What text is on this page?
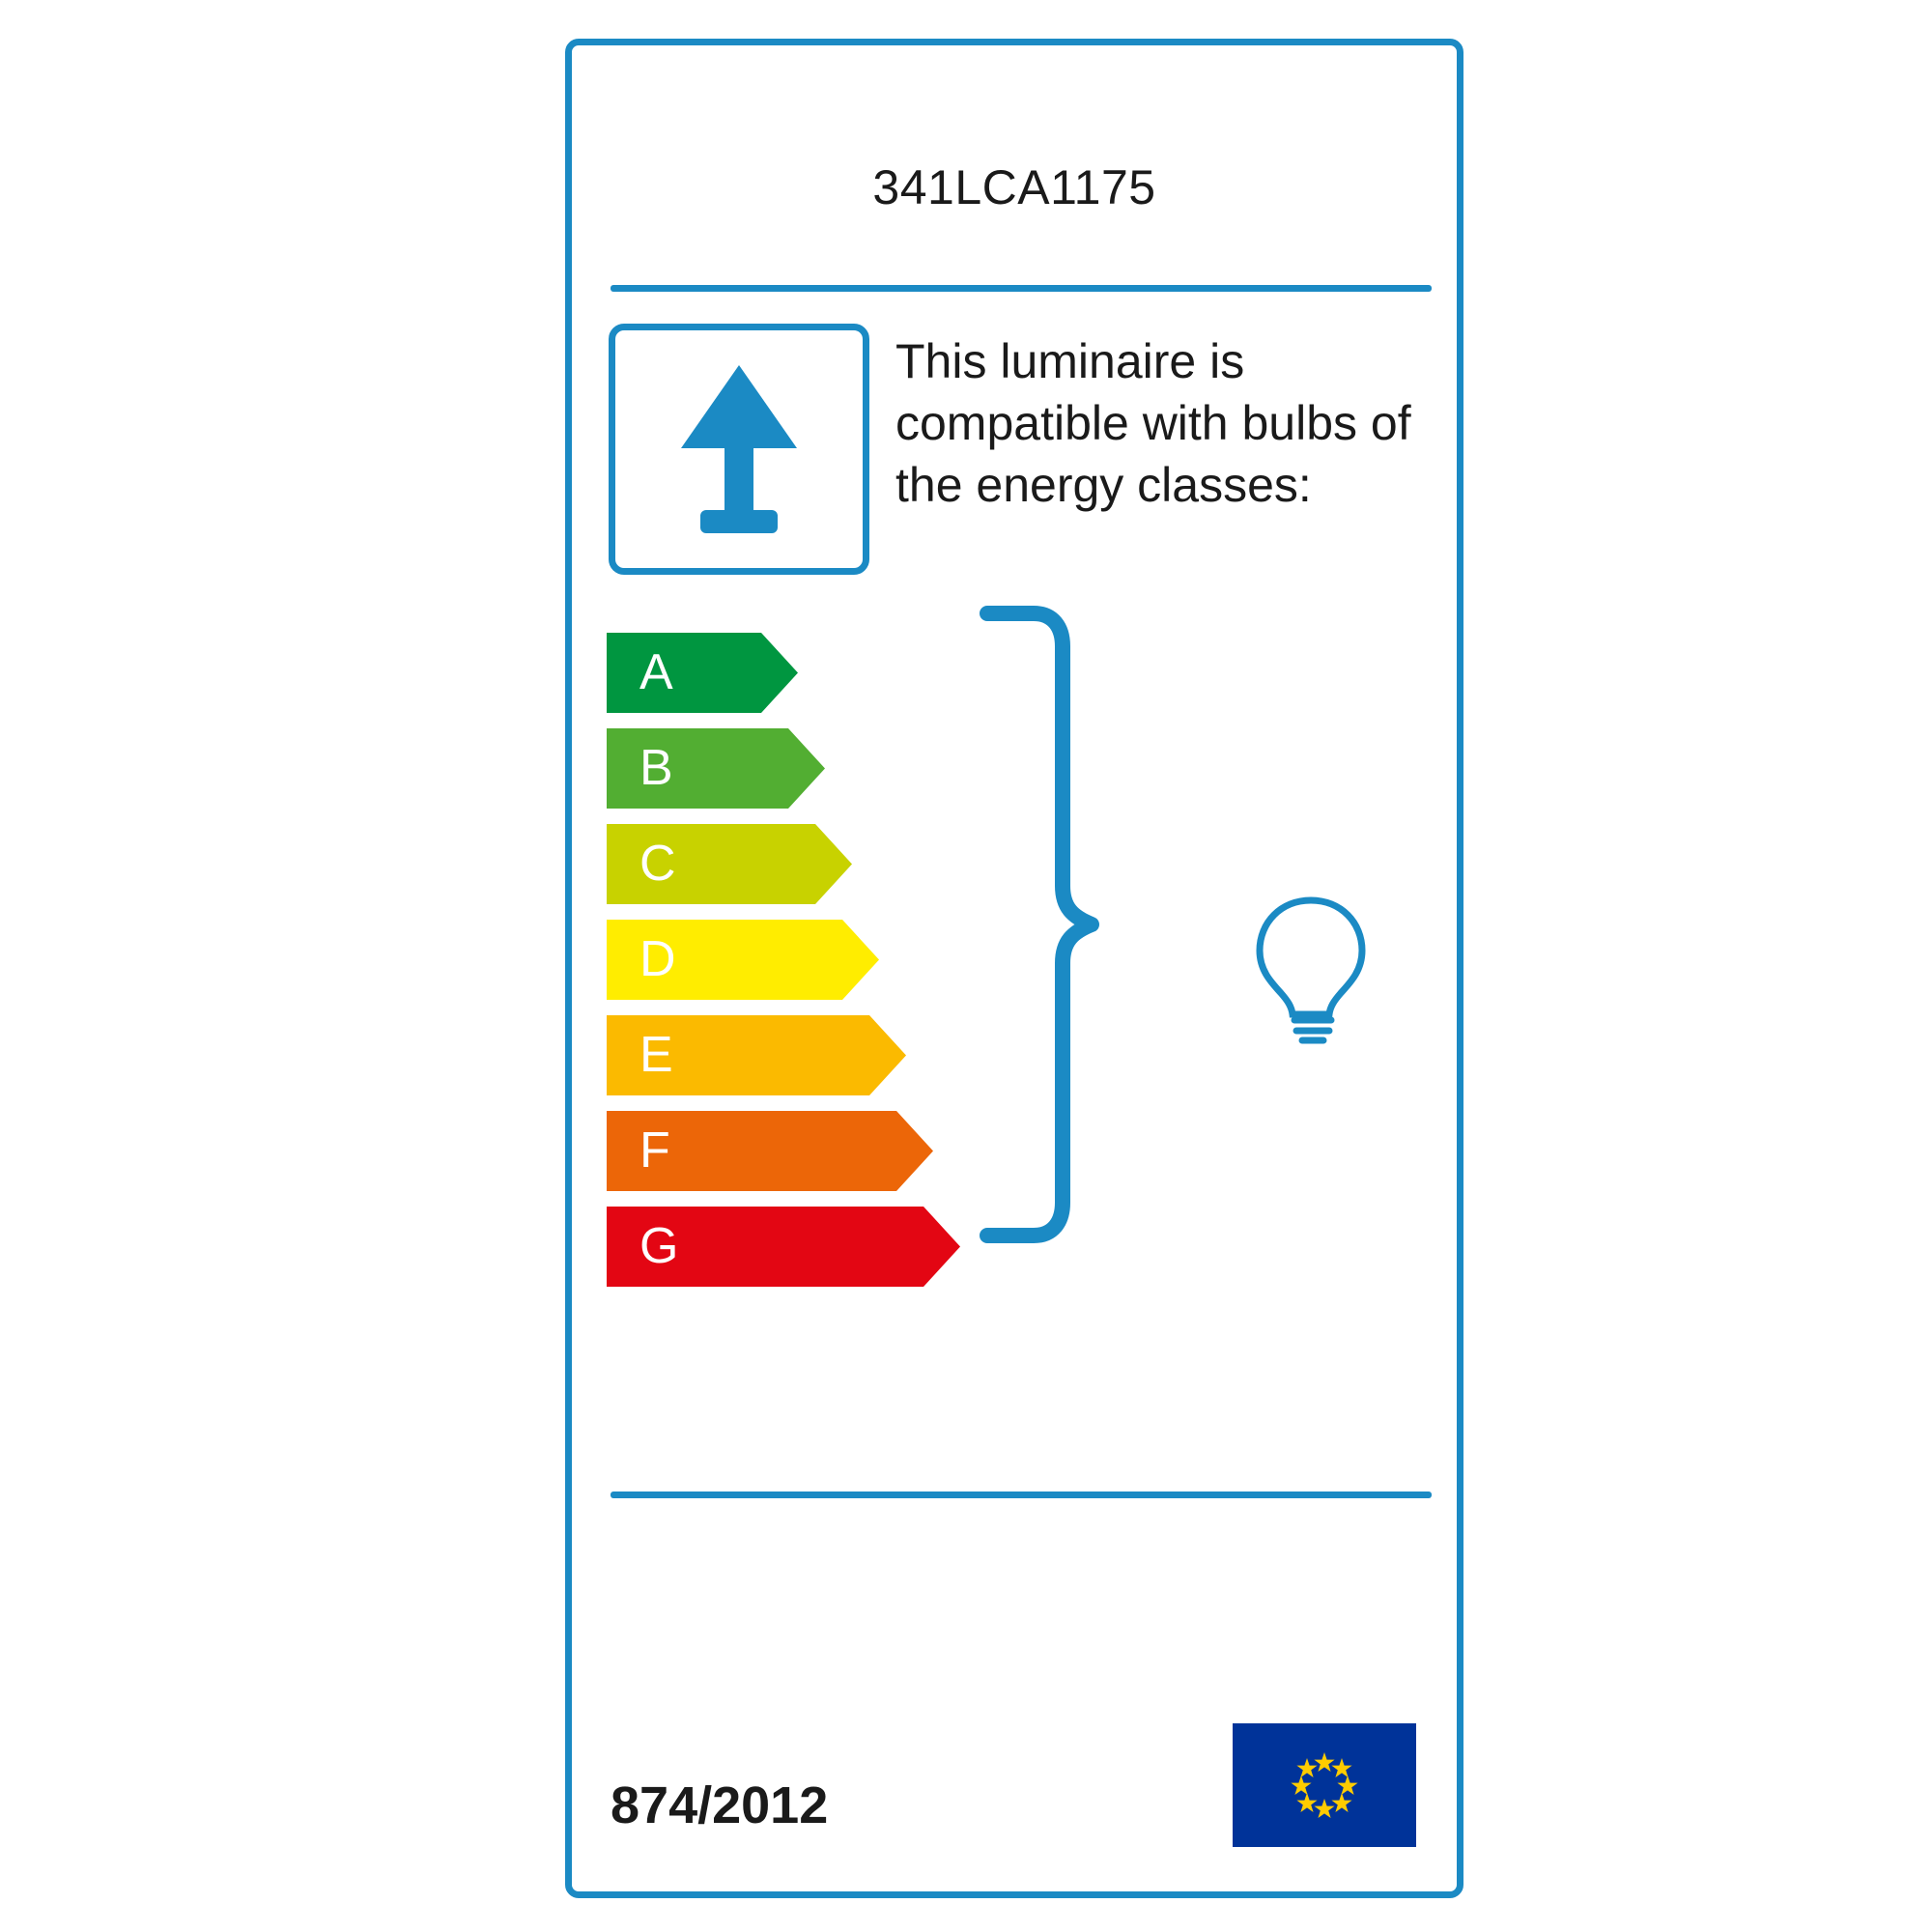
341LCA1175
This luminaire is compatible with bulbs of the energy classes:
A
B
C
D
E
F
G
874/2012
